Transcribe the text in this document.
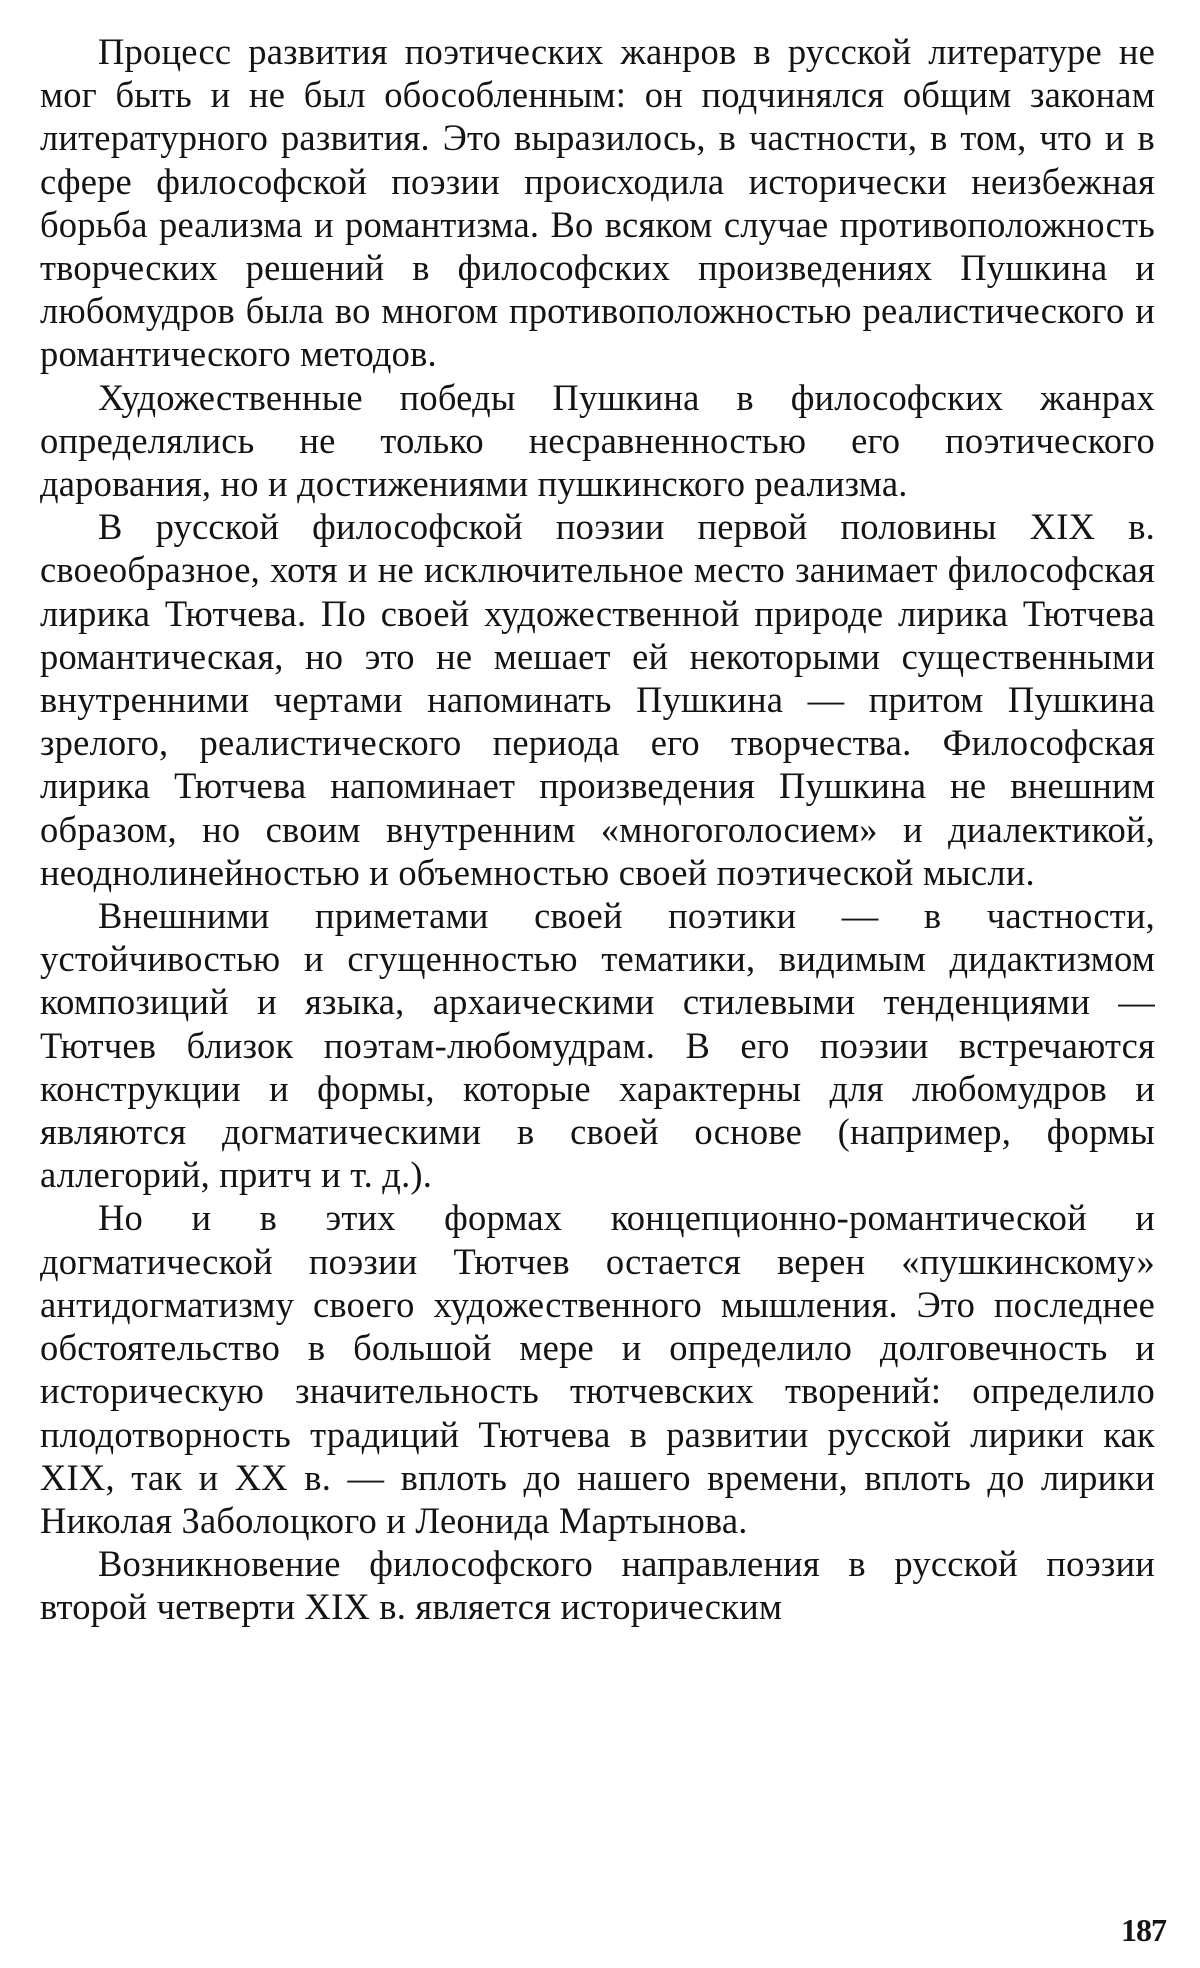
Процесс развития поэтических жанров в русской литературе не мог быть и не был обособленным: он подчинялся общим законам литературного развития. Это выразилось, в частности, в том, что и в сфере философской поэзии происходила исторически неизбежная борьба реализма и романтизма. Во всяком случае противоположность творческих решений в философских произведениях Пушкина и любомудров была во многом противоположностью реалистического и романтического методов.

Художественные победы Пушкина в философских жанрах определялись не только несравненностью его поэтического дарования, но и достижениями пушкинского реализма.

В русской философской поэзии первой половины XIX в. своеобразное, хотя и не исключительное место занимает философская лирика Тютчева. По своей художественной природе лирика Тютчева романтическая, но это не мешает ей некоторыми существенными внутренними чертами напоминать Пушкина — притом Пушкина зрелого, реалистического периода его творчества. Философская лирика Тютчева напоминает произведения Пушкина не внешним образом, но своим внутренним «многоголосием» и диалектикой, неоднолинейностью и объемностью своей поэтической мысли.

Внешними приметами своей поэтики — в частности, устойчивостью и сгущенностью тематики, видимым дидактизмом композиций и языка, архаическими стилевыми тенденциями — Тютчев близок поэтам-любомудрам. В его поэзии встречаются конструкции и формы, которые характерны для любомудров и являются догматическими в своей основе (например, формы аллегорий, притч и т. д.).

Но и в этих формах концепционно-романтической и догматической поэзии Тютчев остается верен «пушкинскому» антидогматизму своего художественного мышления. Это последнее обстоятельство в большой мере и определило долговечность и историческую значительность тютчевских творений: определило плодотворность традиций Тютчева в развитии русской лирики как XIX, так и XX в. — вплоть до нашего времени, вплоть до лирики Николая Заболоцкого и Леонида Мартынова.

Возникновение философского направления в русской поэзии второй четверти XIX в. является историческим

187
